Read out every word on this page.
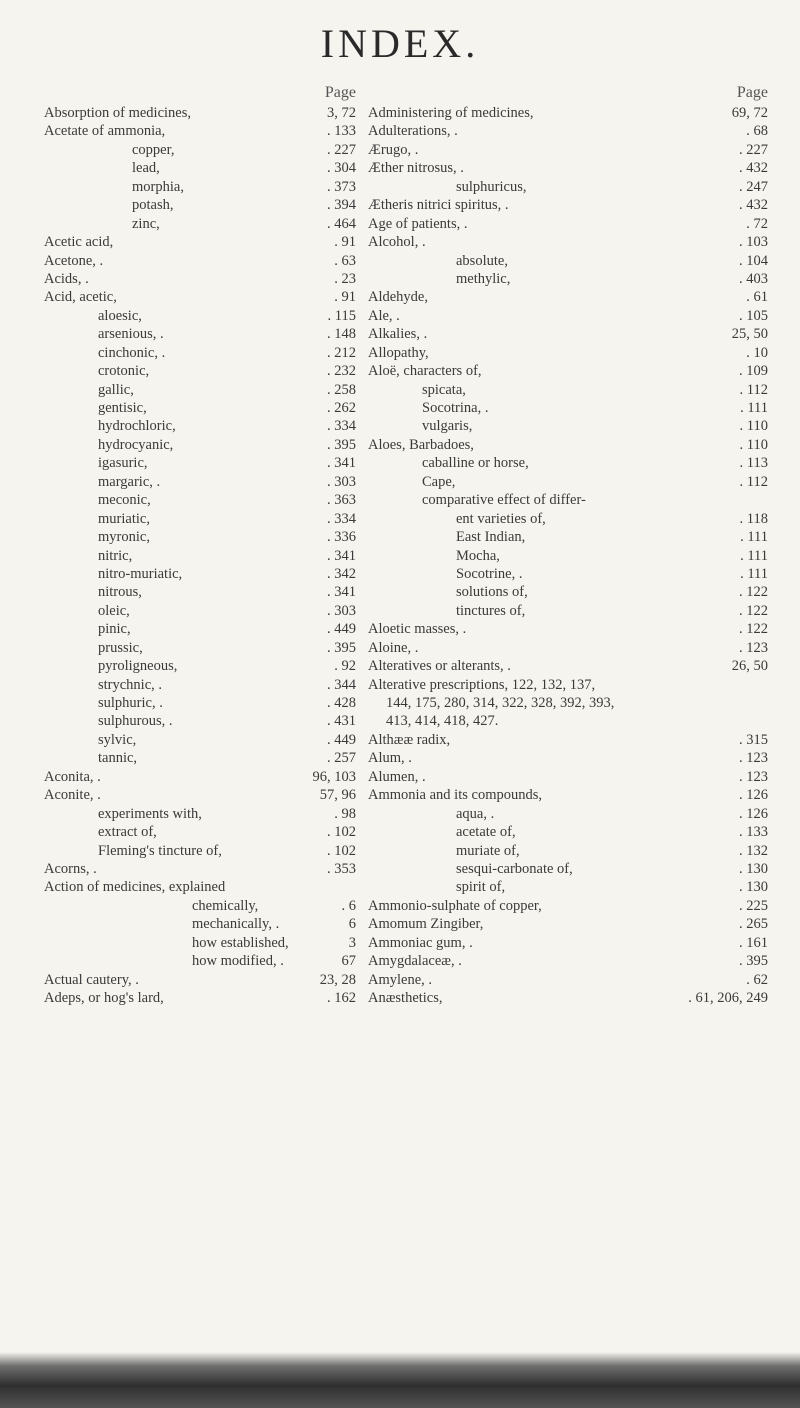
INDEX.
Page
Absorption of medicines,	3, 72
Acetate of ammonia,	. 133
copper,	. 227
lead,	. 304
morphia,	. 373
potash,	. 394
zinc,	. 464
Acetic acid,	. 91
Acetone, .	. 63
Acids, .	. 23
Acid, acetic,	. 91
aloesic,	. 115
arsenious, .	. 148
cinchonic, .	. 212
crotonic,	. 232
gallic,	. 258
gentisic,	. 262
hydrochloric,	. 334
hydrocyanic,	. 395
igasuric,	. 341
margaric, .	. 303
meconic,	. 363
muriatic,	. 334
myronic,	. 336
nitric,	. 341
nitro-muriatic,	. 342
nitrous,	. 341
oleic,	. 303
pinic,	. 449
prussic,	. 395
pyroligneous,	. 92
strychnic, .	. 344
sulphuric, .	. 428
sulphurous, .	. 431
sylvic,	. 449
tannic,	. 257
Aconita, .	96, 103
Aconite, .	57, 96
experiments with,	. 98
extract of,	. 102
Fleming's tincture of,	. 102
Acorns, .	. 353
Action of medicines, explained
chemically,	. 6
mechanically, .	6
how established,	3
how modified, .	67
Actual cautery, .	23, 28
Adeps, or hog's lard,	. 162
Page
Administering of medicines,	69, 72
Adulterations, .	. 68
Ærugo, .	. 227
Æther nitrosus, .	. 432
sulphuricus,	. 247
Ætheris nitrici spiritus, .	. 432
Age of patients, .	. 72
Alcohol, .	. 103
absolute,	. 104
methylic,	. 403
Aldehyde,	. 61
Ale, .	. 105
Alkalies, .	25, 50
Allopathy,	. 10
Aloë, characters of,	. 109
spicata,	. 112
Socotrina, .	. 111
vulgaris,	. 110
Aloes, Barbadoes,	. 110
caballine or horse,	. 113
Cape,	. 112
comparative effect of differ-
ent varieties of,	. 118
East Indian,	. 111
Mocha,	. 111
Socotrine, .	. 111
solutions of,	. 122
tinctures of,	. 122
Aloetic masses, .	. 122
Aloine, .	. 123
Alteratives or alterants, .	26, 50
Alterative prescriptions, 122, 132, 137,
144, 175, 280, 314, 322, 328, 392, 393,
413, 414, 418, 427.
Althææ radix,	. 315
Alum, .	. 123
Alumen, .	. 123
Ammonia and its compounds,	. 126
aqua, .	. 126
acetate of,	. 133
muriate of,	. 132
sesqui-carbonate of,	. 130
spirit of,	. 130
Ammonio-sulphate of copper,	. 225
Amomum Zingiber,	. 265
Ammoniac gum, .	. 161
Amygdalaceæ, .	. 395
Amylene, .	. 62
Anæsthetics,	. 61, 206, 249
